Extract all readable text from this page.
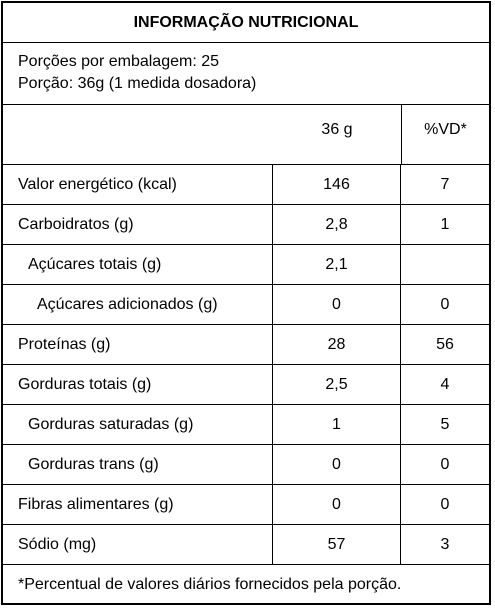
INFORMAÇÃO NUTRICIONAL
Porções por embalagem: 25
Porção: 36g (1 medida dosadora)
36 g	%VD*
Valor energético (kcal)	146	7
Carboidratos (g)	2,8	1
Açúcares totais (g)	2,1
Açúcares adicionados (g)	0	0
Proteínas (g)	28	56
Gorduras totais (g)	2,5	4
Gorduras saturadas (g)	1	5
Gorduras trans (g)	0	0
Fibras alimentares (g)	0	0
Sódio (mg)	57	3
*Percentual de valores diários fornecidos pela porção.
